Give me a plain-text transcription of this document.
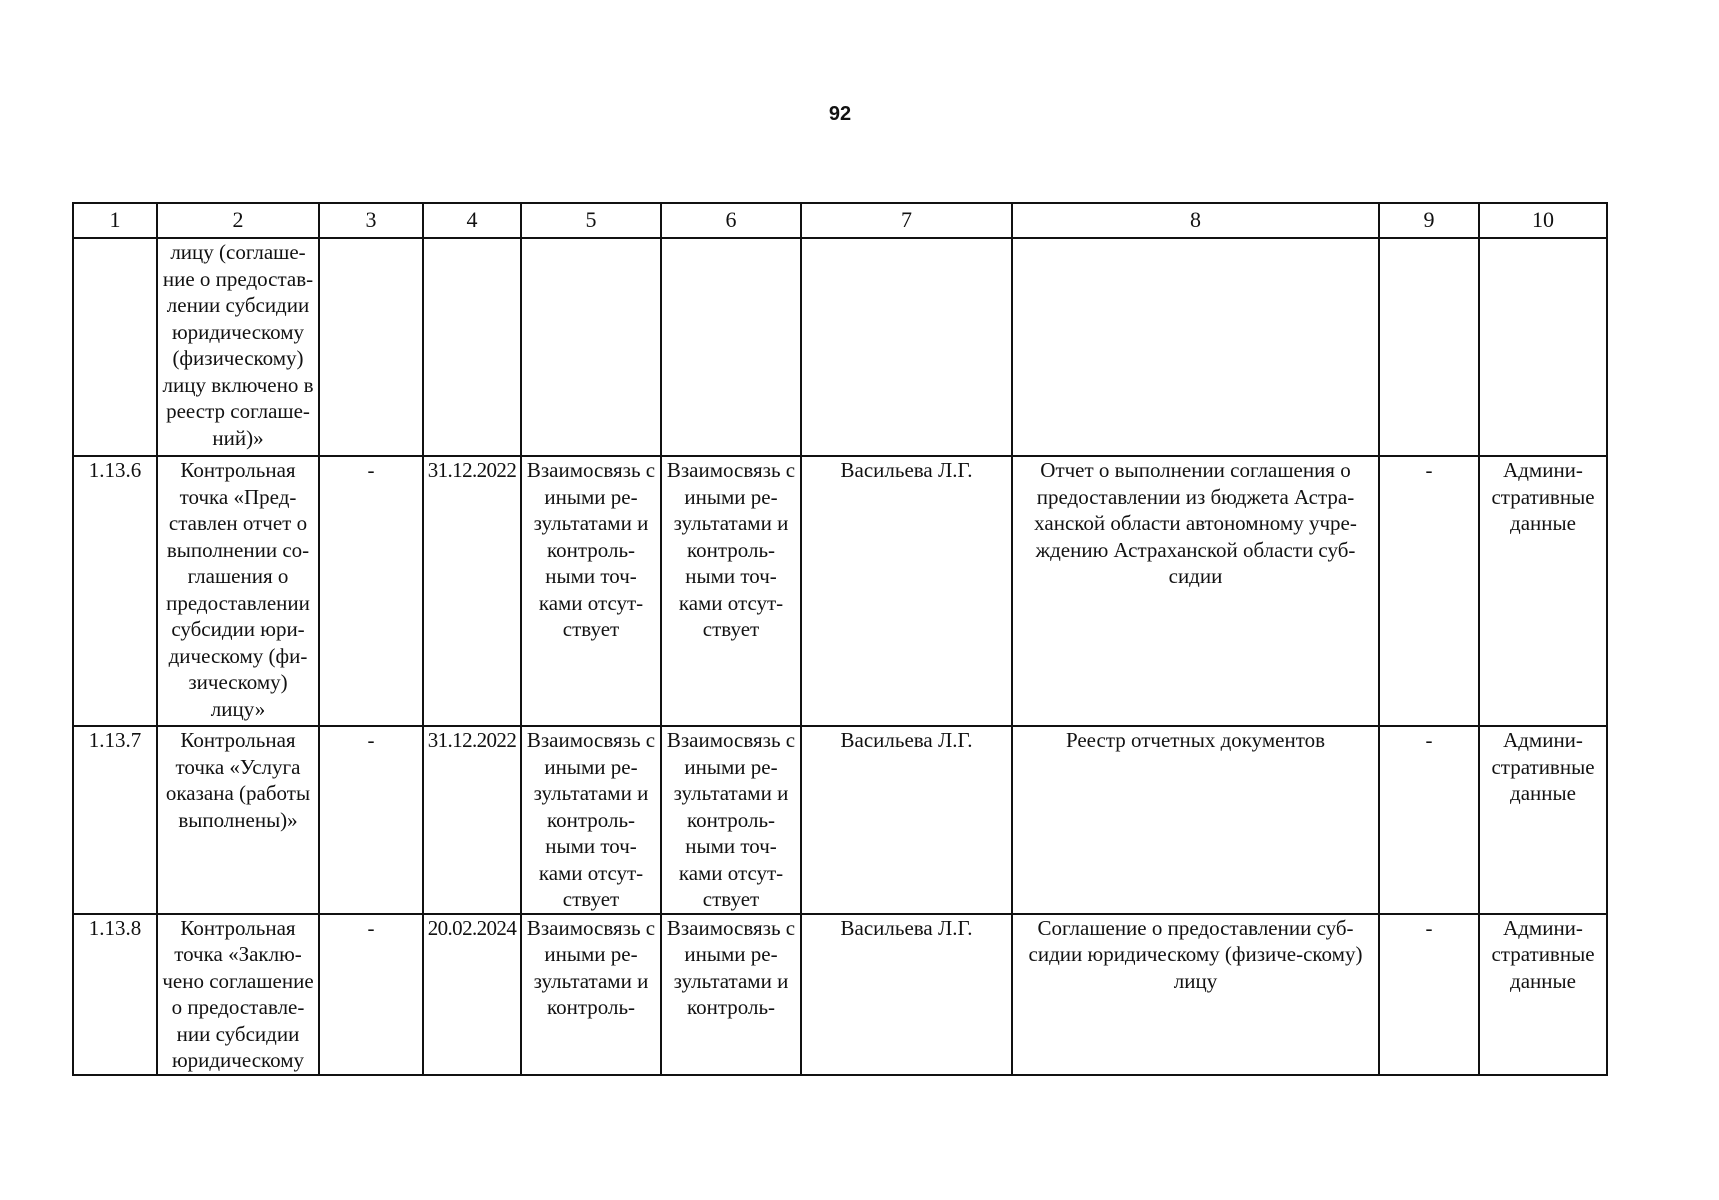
92
1	2	3	4	5	6	7	8	9	10
	лицу (соглаше-ние о предостав-лении субсидии юридическому (физическому) лицу включено в реестр соглаше-ний)»								
1.13.6	Контрольная точка «Пред-ставлен отчет о выполнении со-глашения о предоставлении субсидии юри-дическому (фи-зическому) лицу»	-	31.12.2022	Взаимосвязь с иными ре-зультатами и контроль-ными точ-ками отсут-ствует	Взаимосвязь с иными ре-зультатами и контроль-ными точ-ками отсут-ствует	Васильева Л.Г.	Отчет о выполнении соглашения о предоставлении из бюджета Астра-ханской области автономному учре-ждению Астраханской области суб-сидии	-	Админи-стративные данные
1.13.7	Контрольная точка «Услуга оказана (работы выполнены)»	-	31.12.2022	Взаимосвязь с иными ре-зультатами и контроль-ными точ-ками отсут-ствует	Взаимосвязь с иными ре-зультатами и контроль-ными точ-ками отсут-ствует	Васильева Л.Г.	Реестр отчетных документов	-	Админи-стративные данные
1.13.8	Контрольная точка «Заклю-чено соглашение о предоставле-нии субсидии юридическому	-	20.02.2024	Взаимосвязь с иными ре-зультатами и контроль-	Взаимосвязь с иными ре-зультатами и контроль-	Васильева Л.Г.	Соглашение о предоставлении суб-сидии юридическому (физиче-скому) лицу	-	Админи-стративные данные
